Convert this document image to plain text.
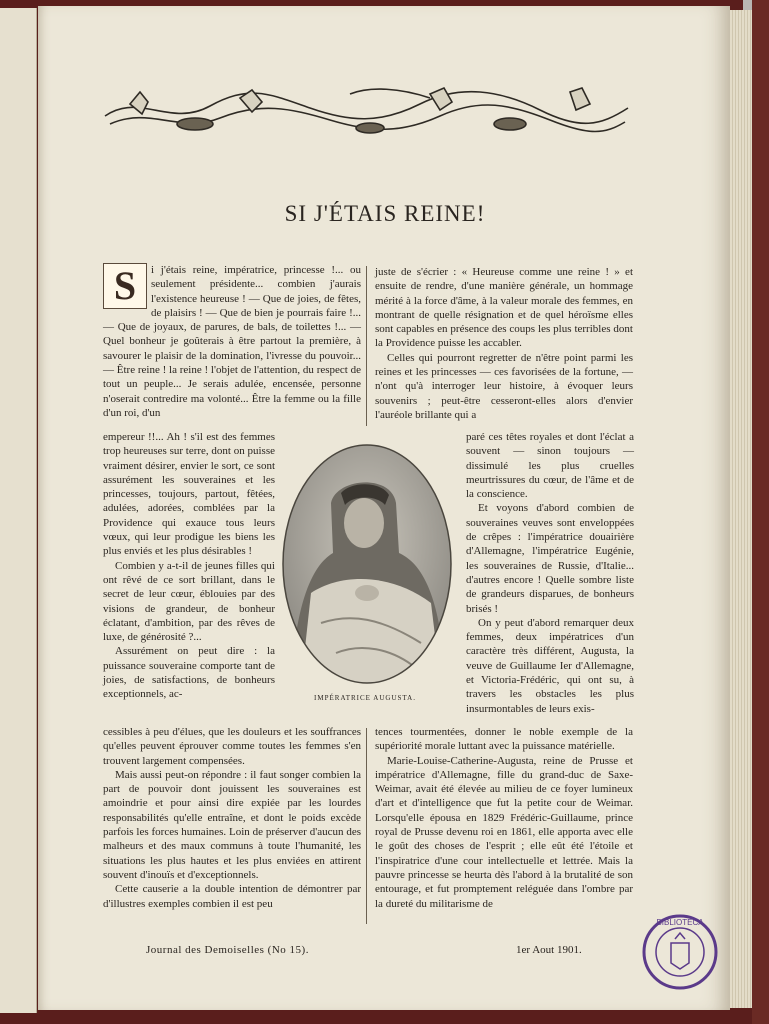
SI J'ÉTAIS REINE!
S	i j'étais reine, impératrice, princesse !... ou seulement présidente... combien j'aurais l'existence heureuse ! — Que de joies, de fêtes, de plaisirs ! — Que de bien je pourrais faire !... — Que de joyaux, de parures, de bals, de toilettes !... — Quel bonheur je goûterais à être partout la première, à savourer le plaisir de la domination, l'ivresse du pouvoir... — Être reine ! la reine ! l'objet de l'attention, du respect de tout un peuple... Je serais adulée, encensée, personne n'oserait contredire ma volonté... Être la femme ou la fille d'un roi, d'un

empereur !!... Ah ! s'il est des femmes trop heureuses sur terre, dont on puisse vraiment désirer, envier le sort, ce sont assurément les souveraines et les princesses, toujours, partout, fêtées, adulées, adorées, comblées par la Providence qui exauce tous leurs vœux, qui leur prodigue les biens les plus enviés et les plus désirables !

Combien y a-t-il de jeunes filles qui ont rêvé de ce sort brillant, dans le secret de leur cœur, éblouies par des visions de grandeur, de bonheur éclatant, d'ambition, par des rêves de luxe, de générosité ?...

Assurément on peut dire : la puissance souveraine comporte tant de joies, de satisfactions, de bonheurs exceptionnels, ac-

cessibles à peu d'élues, que les douleurs et les souffrances qu'elles peuvent éprouver comme toutes les femmes s'en trouvent largement compensées.

Mais aussi peut-on répondre : il faut songer combien la part de pouvoir dont jouissent les souveraines est amoindrie et pour ainsi dire expiée par les lourdes responsabilités qu'elle entraîne, et dont le poids excède parfois les forces humaines. Loin de préserver d'aucun des malheurs et des maux communs à toute l'humanité, les situations les plus hautes et les plus enviées en attirent souvent d'inouïs et d'exceptionnels.

Cette causerie a la double intention de démontrer par d'illustres exemples combien il est peu

juste de s'écrier : « Heureuse comme une reine ! » et ensuite de rendre, d'une manière générale, un hommage mérité à la force d'âme, à la valeur morale des femmes, en montrant de quelle résignation et de quel héroïsme elles sont capables en présence des coups les plus terribles dont la Providence puisse les accabler.

Celles qui pourront regretter de n'être point parmi les reines et les princesses — ces favorisées de la fortune, — n'ont qu'à interroger leur histoire, à évoquer leurs souvenirs ; peut-être cesseront-elles alors d'envier l'auréole brillante qui a

paré ces têtes royales et dont l'éclat a souvent — sinon toujours — dissimulé les plus cruelles meurtrissures du cœur, de l'âme et de la conscience.

Et voyons d'abord combien de souveraines veuves sont enveloppées de crêpes : l'impératrice douairière d'Allemagne, l'impératrice Eugénie, les souveraines de Russie, d'Italie... d'autres encore ! Quelle sombre liste de grandeurs disparues, de bonheurs brisés !

On y peut d'abord remarquer deux femmes, deux impératrices d'un caractère très différent, Augusta, la veuve de Guillaume Ier d'Allemagne, et Victoria-Frédéric, qui ont su, à travers les obstacles les plus insurmontables de leurs exis-

tences tourmentées, donner le noble exemple de la supériorité morale luttant avec la puissance matérielle.

Marie-Louise-Catherine-Augusta, reine de Prusse et impératrice d'Allemagne, fille du grand-duc de Saxe-Weimar, avait été élevée au milieu de ce foyer lumineux d'art et d'intelligence que fut la petite cour de Weimar. Lorsqu'elle épousa en 1829 Frédéric-Guillaume, prince royal de Prusse devenu roi en 1861, elle apporta avec elle le goût des choses de l'esprit ; elle eût été l'étoile et l'inspiratrice d'une cour intellectuelle et lettrée. Mais la pauvre princesse se heurta dès l'abord à la brutalité de son entourage, et fut promptement reléguée dans l'ombre par la dureté du militarisme de

IMPÉRATRICE AUGUSTA.
Journal des Demoiselles (No 15).	1er Aout 1901.
BIBLIOTECA
